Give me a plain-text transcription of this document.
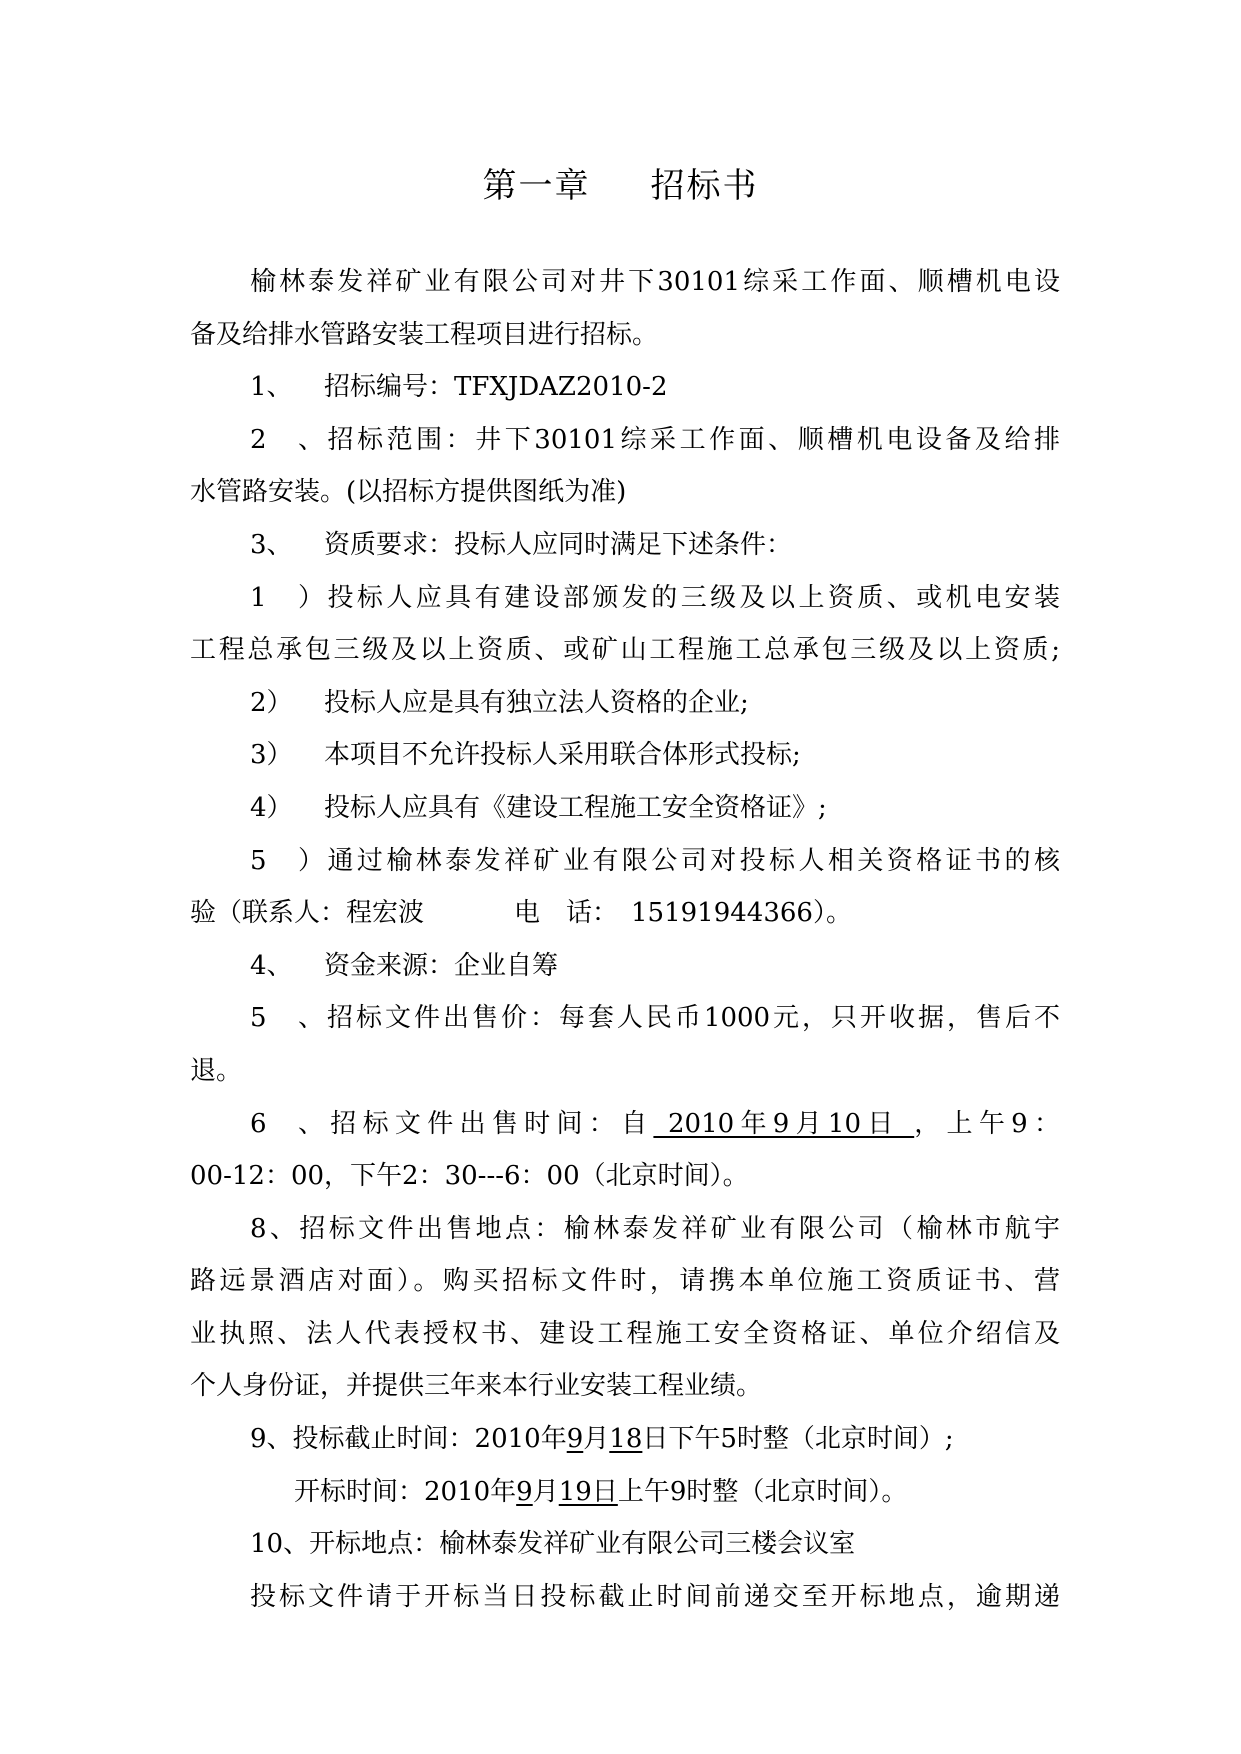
第一章 招标书
榆林泰发祥矿业有限公司对井下30101综采工作面、顺槽机电设
备及给排水管路安装工程项目进行招标。
1、 招标编号：TFXJDAZ2010-2
2、招标范围：井下30101综采工作面、顺槽机电设备及给排
水管路安装。(以招标方提供图纸为准)
3、 资质要求：投标人应同时满足下述条件：
1）投标人应具有建设部颁发的三级及以上资质、或机电安装
工程总承包三级及以上资质、或矿山工程施工总承包三级及以上资质;
2） 投标人应是具有独立法人资格的企业;
3） 本项目不允许投标人采用联合体形式投标;
4） 投标人应具有《建设工程施工安全资格证》;
5）通过榆林泰发祥矿业有限公司对投标人相关资格证书的核
验（联系人：程宏波	电　话：　15191944366）。
4、 资金来源：企业自筹
5、招标文件出售价：每套人民币1000元，只开收据，售后不
退。
6、招标文件出售时间：自 2010年9月10日 ，上午9：
00-12：00，下午2：30---6：00（北京时间）。
8、招标文件出售地点：榆林泰发祥矿业有限公司（榆林市航宇
路远景酒店对面）。购买招标文件时，请携本单位施工资质证书、营
业执照、法人代表授权书、建设工程施工安全资格证、单位介绍信及
个人身份证，并提供三年来本行业安装工程业绩。
9、投标截止时间：2010年9月18日下午5时整（北京时间）;
开标时间：2010年9月19日上午9时整（北京时间）。
10、开标地点：榆林泰发祥矿业有限公司三楼会议室
投标文件请于开标当日投标截止时间前递交至开标地点，逾期递
